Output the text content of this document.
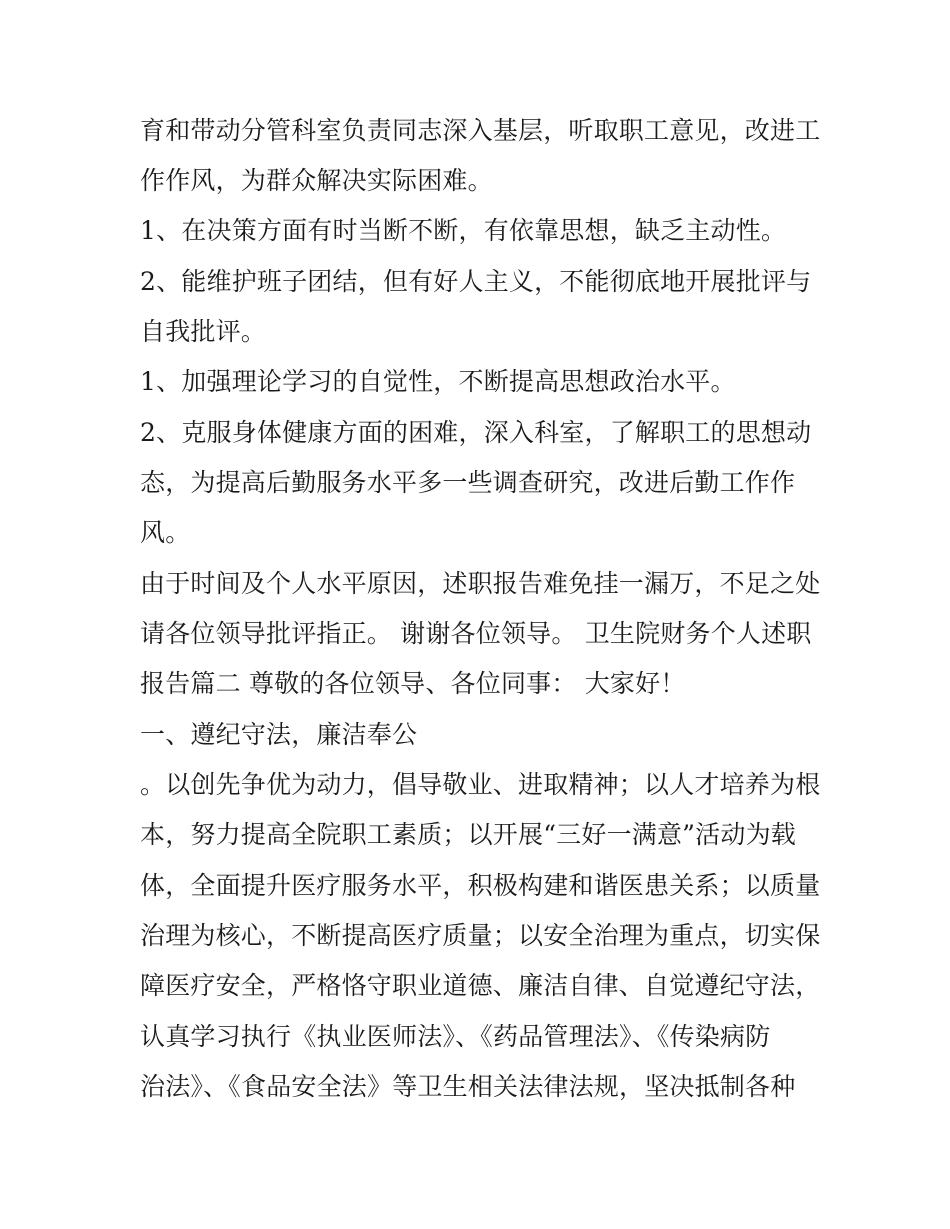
育和带动分管科室负责同志深入基层，听取职工意见，改进工
作作风，为群众解决实际困难。
1、在决策方面有时当断不断，有依靠思想，缺乏主动性。
2、能维护班子团结，但有好人主义，不能彻底地开展批评与
自我批评。
1、加强理论学习的自觉性，不断提高思想政治水平。
2、克服身体健康方面的困难，深入科室，了解职工的思想动
态，为提高后勤服务水平多一些调查研究，改进后勤工作作
风。
由于时间及个人水平原因，述职报告难免挂一漏万，不足之处
请各位领导批评指正。 谢谢各位领导。 卫生院财务个人述职
报告篇二 尊敬的各位领导、各位同事： 大家好！
一、遵纪守法，廉洁奉公
。以创先争优为动力，倡导敬业、进取精神；以人才培养为根
本，努力提高全院职工素质；以开展“三好一满意”活动为载
体，全面提升医疗服务水平，积极构建和谐医患关系；以质量
治理为核心，不断提高医疗质量；以安全治理为重点，切实保
障医疗安全，严格恪守职业道德、廉洁自律、自觉遵纪守法，
认真学习执行《执业医师法》、《药品管理法》、《传染病防
治法》、《食品安全法》等卫生相关法律法规，坚决抵制各种
